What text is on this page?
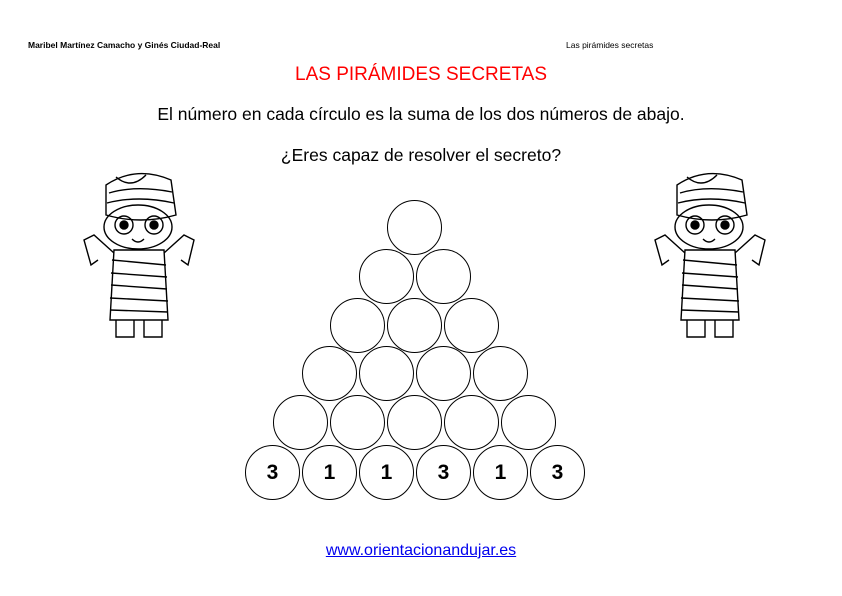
Maribel Martínez Camacho y Ginés Ciudad-Real	Las pirámides secretas
LAS PIRÁMIDES SECRETAS
El número en cada círculo es la suma de los dos números de abajo.
¿Eres capaz de resolver el secreto?
3	1	1	3	1	3
www.orientacionandujar.es
